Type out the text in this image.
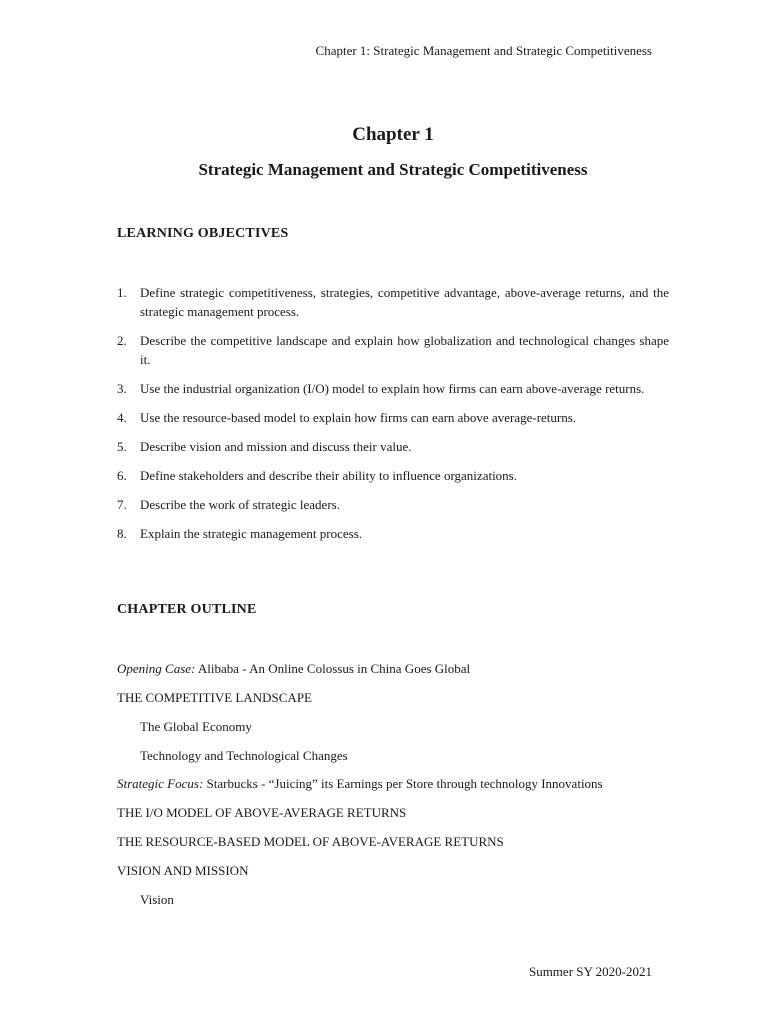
Chapter 1: Strategic Management and Strategic Competitiveness
Chapter 1
Strategic Management and Strategic Competitiveness
LEARNING OBJECTIVES
1. Define strategic competitiveness, strategies, competitive advantage, above-average returns, and the strategic management process.
2. Describe the competitive landscape and explain how globalization and technological changes shape it.
3. Use the industrial organization (I/O) model to explain how firms can earn above-average returns.
4. Use the resource-based model to explain how firms can earn above average-returns.
5. Describe vision and mission and discuss their value.
6. Define stakeholders and describe their ability to influence organizations.
7. Describe the work of strategic leaders.
8. Explain the strategic management process.
CHAPTER OUTLINE
Opening Case: Alibaba - An Online Colossus in China Goes Global
THE COMPETITIVE LANDSCAPE
The Global Economy
Technology and Technological Changes
Strategic Focus: Starbucks - “Juicing” its Earnings per Store through technology Innovations
THE I/O MODEL OF ABOVE-AVERAGE RETURNS
THE RESOURCE-BASED MODEL OF ABOVE-AVERAGE RETURNS
VISION AND MISSION
Vision
Summer SY 2020-2021
